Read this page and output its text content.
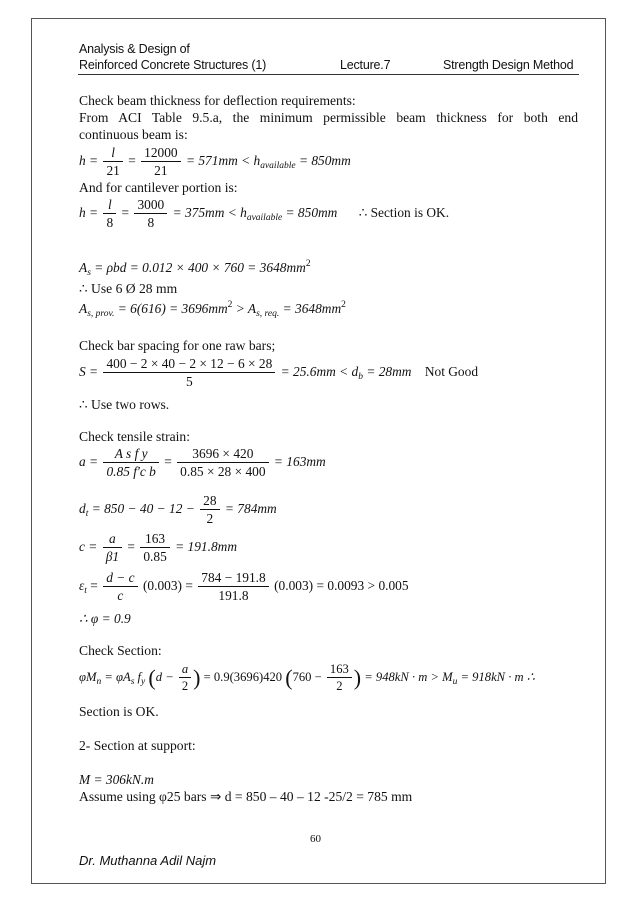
Analysis & Design of
Reinforced Concrete Structures (1)	Lecture.7	Strength Design Method
Check beam thickness for deflection requirements:
From ACI Table 9.5.a, the minimum permissible beam thickness for both end
continuous beam is:
$h = \frac{l}{21} = \frac{12000}{21} = 571mm < h_{available} = 850mm$
And for cantilever portion is:
$h = \frac{l}{8} = \frac{3000}{8} = 375mm < h_{available} = 850mm$ ∴ Section is OK.
$A_s = \rho bd = 0.012 \times 400 \times 760 = 3648mm^2$
∴ Use 6 Ø 28 mm
$A_{s, prov.} = 6(616) = 3696mm^2 > A_{s, req.} = 3648mm^2$
Check bar spacing for one raw bars;
$S = \frac{400 - 2 \times 40 - 2 \times 12 - 6 \times 28}{5} = 25.6mm < d_b = 28mm$ Not Good
∴ Use two rows.
Check tensile strain:
$a = \frac{\text{A s f y}}{\text{0.85 f′c b}} = \frac{3696 \times 420}{0.85 \times 28 \times 400} = 163mm$
$d_t = 850 - 40 - 12 - \frac{28}{2} = 784mm$
$c = \frac{a}{\beta 1} = \frac{163}{0.85} = 191.8mm$
$\varepsilon_t = \frac{d - c}{c} (0.003) = \frac{784 - 191.8}{191.8} (0.003) = 0.0093 > 0.005$
∴ φ = 0.9
Check Section:
$\varphi M_n = \varphi A_s$ $f_y$ ($d - \frac{a}{2}$ ) = 0.9(3696)420 ($760 - \frac{163}{2}$ ) = $948kN \cdot m > M_u = 918kN \cdot m$ ∴
Section is OK.
2- Section at support:
M = 306kN.m
Assume using φ25 bars ⇒ d = 850 – 40 – 12 -25/2 = 785 mm
60
Dr. Muthanna Adil Najm
